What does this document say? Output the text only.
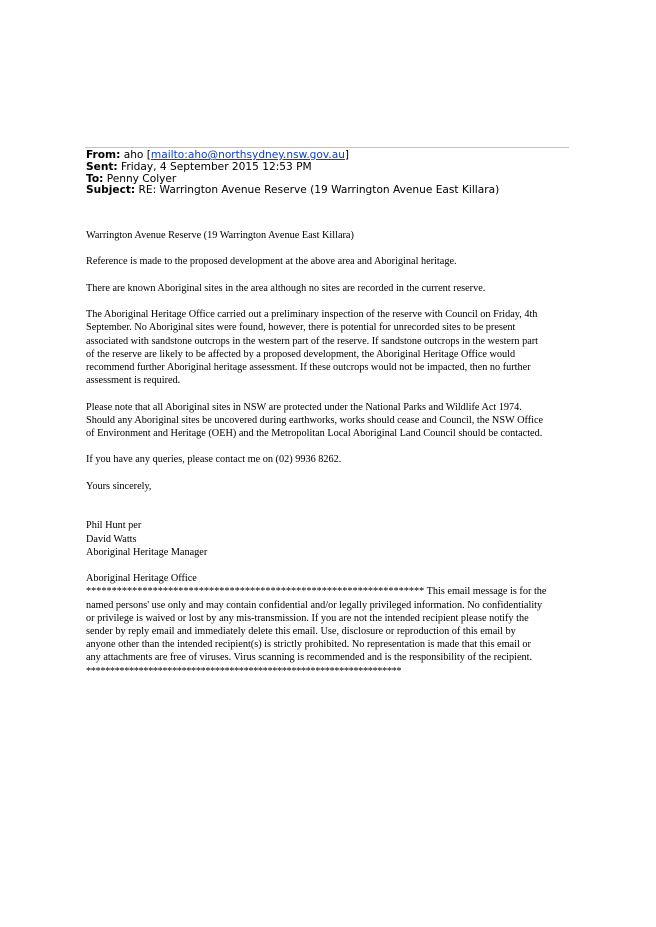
From: aho [mailto:aho@northsydney.nsw.gov.au]
Sent: Friday, 4 September 2015 12:53 PM
To: Penny Colyer
Subject: RE: Warrington Avenue Reserve (19 Warrington Avenue East Killara)

Warrington Avenue Reserve (19 Warrington Avenue East Killara)

Reference is made to the proposed development at the above area and Aboriginal heritage.

There are known Aboriginal sites in the area although no sites are recorded in the current reserve.

The Aboriginal Heritage Office carried out a preliminary inspection of the reserve with Council on Friday, 4th
September. No Aboriginal sites were found, however, there is potential for unrecorded sites to be present
associated with sandstone outcrops in the western part of the reserve. If sandstone outcrops in the western part
of the reserve are likely to be affected by a proposed development, the Aboriginal Heritage Office would
recommend further Aboriginal heritage assessment. If these outcrops would not be impacted, then no further
assessment is required.

Please note that all Aboriginal sites in NSW are protected under the National Parks and Wildlife Act 1974.
Should any Aboriginal sites be uncovered during earthworks, works should cease and Council, the NSW Office
of Environment and Heritage (OEH) and the Metropolitan Local Aboriginal Land Council should be contacted.

If you have any queries, please contact me on (02) 9936 8262.

Yours sincerely,

Phil Hunt per
David Watts
Aboriginal Heritage Manager
Aboriginal Heritage Office
****************************************************************** This email message is for the
named persons' use only and may contain confidential and/or legally privileged information. No confidentiality
or privilege is waived or lost by any mis-transmission. If you are not the intended recipient please notify the
sender by reply email and immediately delete this email. Use, disclosure or reproduction of this email by
anyone other than the intended recipient(s) is strictly prohibited. No representation is made that this email or
any attachments are free of viruses. Virus scanning is recommended and is the responsibility of the recipient.
******************************************************************
